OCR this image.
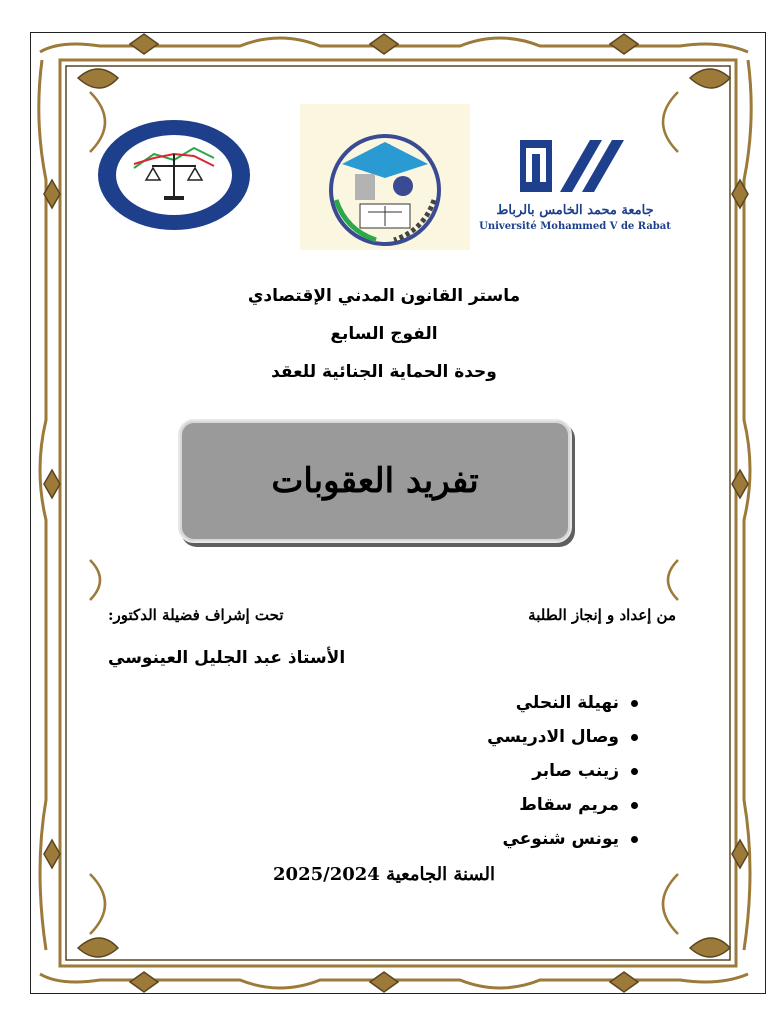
جامعة محمد الخامس بالرباط
Université Mohammed V de Rabat
ماستر القانون المدني الإقتصادي
الفوج السابع
وحدة الحماية الجنائية للعقد
تفريد العقوبات
من إعداد و إنجاز الطلبة
تحت إشراف فضيلة الدكتور:
الأستاذ عبد الجليل العينوسي
نهيلة النحلي
وصال الادريسي
زينب صابر
مريم سقاط
يونس شنوعي
السنة الجامعية 2025/2024
